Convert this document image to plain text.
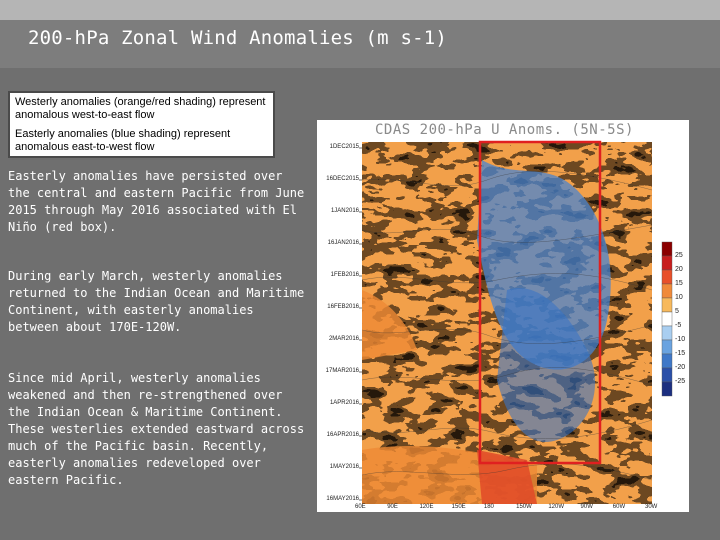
200-hPa Zonal Wind Anomalies (m s-1)

Westerly anomalies (orange/red shading) represent anomalous west-to-east flow

Easterly anomalies (blue shading) represent anomalous east-to-west flow

Easterly anomalies have persisted over the central and eastern Pacific from June 2015 through May 2016 associated with El Niño (red box).

During early March, westerly anomalies returned to the Indian Ocean and Maritime Continent, with easterly anomalies between about 170E-120W.

Since mid April, westerly anomalies weakened and then re-strengthened over the Indian Ocean & Maritime Continent. These westerlies extended eastward across much of the Pacific basin. Recently, easterly anomalies redeveloped over eastern Pacific.

CDAS 200-hPa U Anoms. (5N-5S)
1DEC2015
16DEC2015
1JAN2016
16JAN2016
1FEB2016
16FEB2016
2MAR2016
17MAR2016
1APR2016
16APR2016
1MAY2016
16MAY2016
60E	90E	120E	150E	180	150W	120W	90W	60W	30W
25
20
15
10
5
-5
-10
-15
-20
-25
